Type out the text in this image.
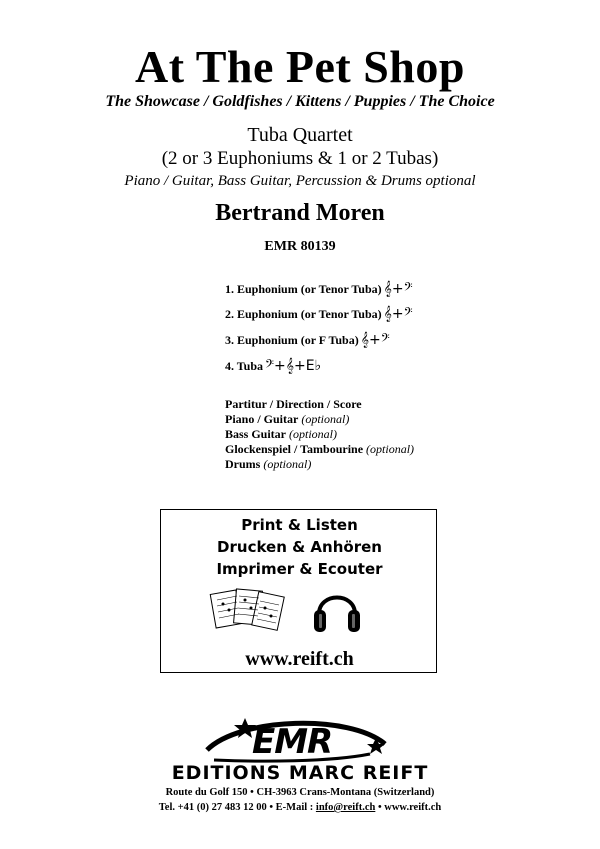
At The Pet Shop
The Showcase / Goldfishes / Kittens / Puppies / The Choice
Tuba Quartet
(2 or 3 Euphoniums & 1 or 2 Tubas)
Piano / Guitar, Bass Guitar, Percussion & Drums optional
Bertrand Moren
EMR 80139
1. Euphonium (or Tenor Tuba) 𝄞+𝄢
2. Euphonium (or Tenor Tuba) 𝄞+𝄢
3. Euphonium (or F Tuba) 𝄞+𝄢
4. Tuba 𝄢+𝄞+E♭
Partitur / Direction / Score
Piano / Guitar (optional)
Bass Guitar (optional)
Glockenspiel / Tambourine (optional)
Drums (optional)
Print & Listen
Drucken & Anhören
Imprimer & Ecouter
www.reift.ch
EMR
EDITIONS MARC REIFT
Route du Golf 150 • CH-3963 Crans-Montana (Switzerland)
Tel. +41 (0) 27 483 12 00 • E-Mail : info@reift.ch • www.reift.ch
